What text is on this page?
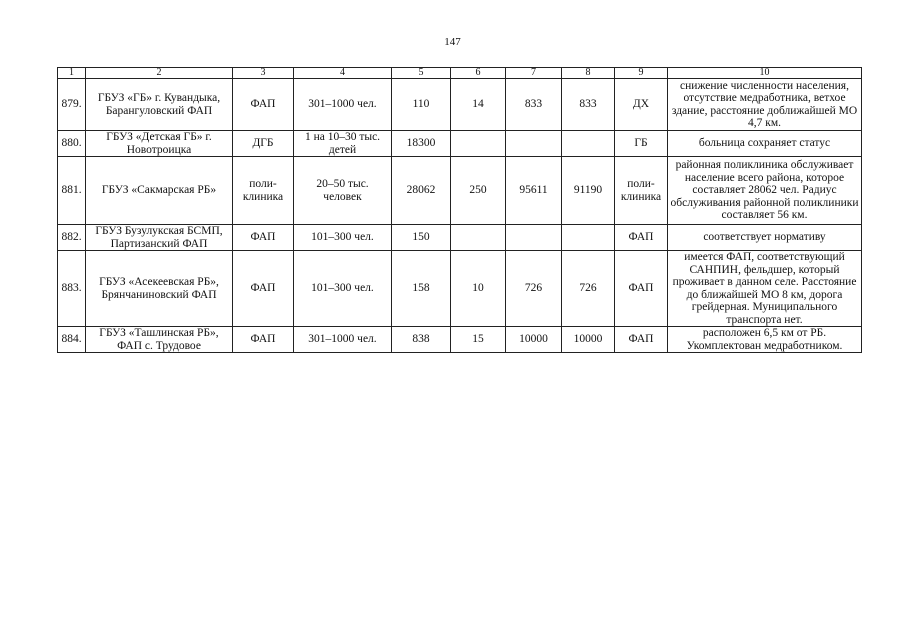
147
1	2	3	4	5	6	7	8	9	10
879.	ГБУЗ «ГБ» г. Кувандыка, Барангуловский ФАП	ФАП	301–1000 чел.	110	14	833	833	ДХ	снижение численности населения, отсутствие медработника, ветхое здание, расстояние доближайшей МО 4,7 км.
880.	ГБУЗ «Детская ГБ» г. Новотроицка	ДГБ	1 на 10–30 тыс. детей	18300				ГБ	больница сохраняет статус
881.	ГБУЗ «Сакмарская РБ»	поли-клиника	20–50 тыс. человек	28062	250	95611	91190	поли-клиника	районная поликлиника обслуживает население всего района, которое составляет 28062 чел. Радиус обслуживания районной поликлиники составляет 56 км.
882.	ГБУЗ Бузулукская БСМП, Партизанский ФАП	ФАП	101–300 чел.	150				ФАП	соответствует нормативу
883.	ГБУЗ «Асекеевская РБ», Брянчаниновский ФАП	ФАП	101–300 чел.	158	10	726	726	ФАП	имеется ФАП, соответствующий САНПИН, фельдшер, который проживает в данном селе. Расстояние до ближайшей МО 8 км, дорога грейдерная. Муниципального транспорта нет.
884.	ГБУЗ «Ташлинская РБ», ФАП с. Трудовое	ФАП	301–1000 чел.	838	15	10000	10000	ФАП	расположен 6,5 км от РБ. Укомплектован медработником.
